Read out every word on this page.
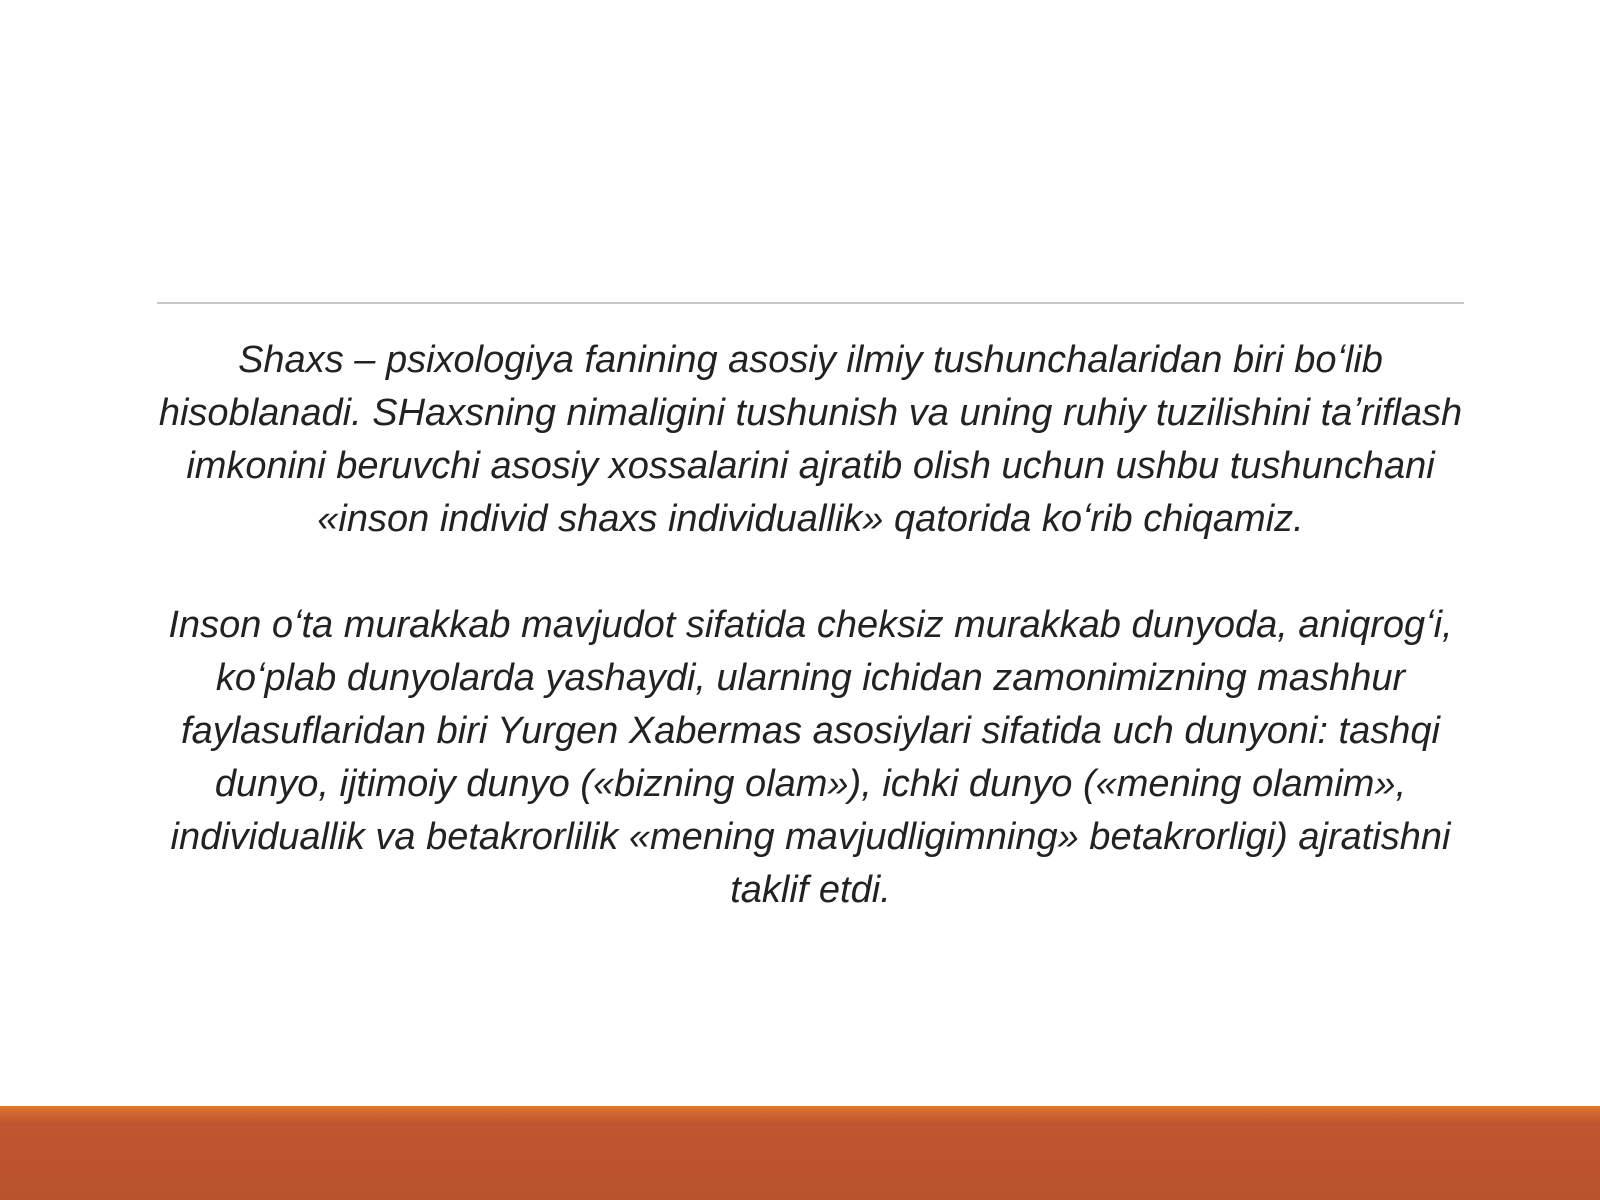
Shaxs – psixologiya fanining asosiy ilmiy tushunchalaridan biri boʻlib hisoblanadi. SHaxsning nimaligini tushunish va uning ruhiy tuzilishini taʼriflash imkonini beruvchi asosiy xossalarini ajratib olish uchun ushbu tushunchani «inson individ shaxs individuallik» qatorida koʻrib chiqamiz.

Inson oʻta murakkab mavjudot sifatida cheksiz murakkab dunyoda, aniqrogʻi, koʻplab dunyolarda yashaydi, ularning ichidan zamonimizning mashhur faylasuflaridan biri Yurgen Xabermas asosiylari sifatida uch dunyoni: tashqi dunyo, ijtimoiy dunyo («bizning olam»), ichki dunyo («mening olamim», individuallik va betakrorlilik «mening mavjudligimning» betakrorligi) ajratishni taklif etdi.
